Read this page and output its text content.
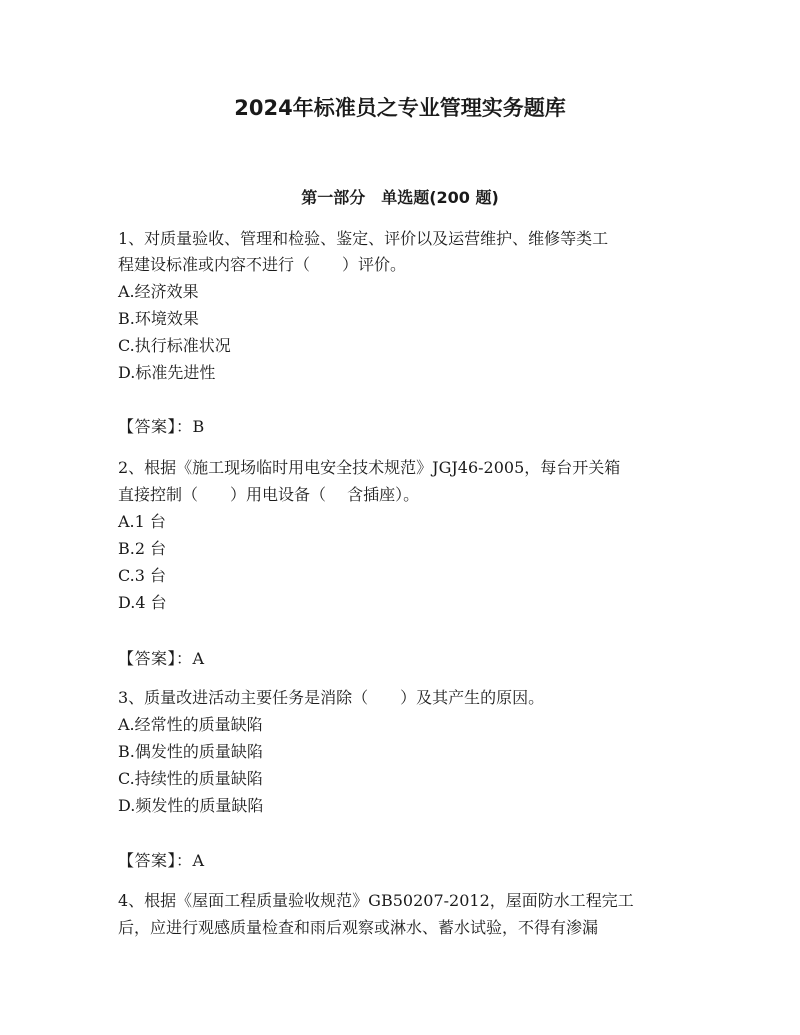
2024年标准员之专业管理实务题库
第一部分　单选题(200 题)
1、对质量验收、管理和检验、鉴定、评价以及运营维护、维修等类工
程建设标准或内容不进行（　　）评价。
A.经济效果
B.环境效果
C.执行标准状况
D.标准先进性
【答案】：B
2、根据《施工现场临时用电安全技术规范》JGJ46-2005，每台开关箱
直接控制（　　）用电设备（　 含插座）。
A.1 台
B.2 台
C.3 台
D.4 台
【答案】：A
3、质量改进活动主要任务是消除（　　）及其产生的原因。
A.经常性的质量缺陷
B.偶发性的质量缺陷
C.持续性的质量缺陷
D.频发性的质量缺陷
【答案】：A
4、根据《屋面工程质量验收规范》GB50207-2012，屋面防水工程完工
后，应进行观感质量检查和雨后观察或淋水、蓄水试验，不得有渗漏
